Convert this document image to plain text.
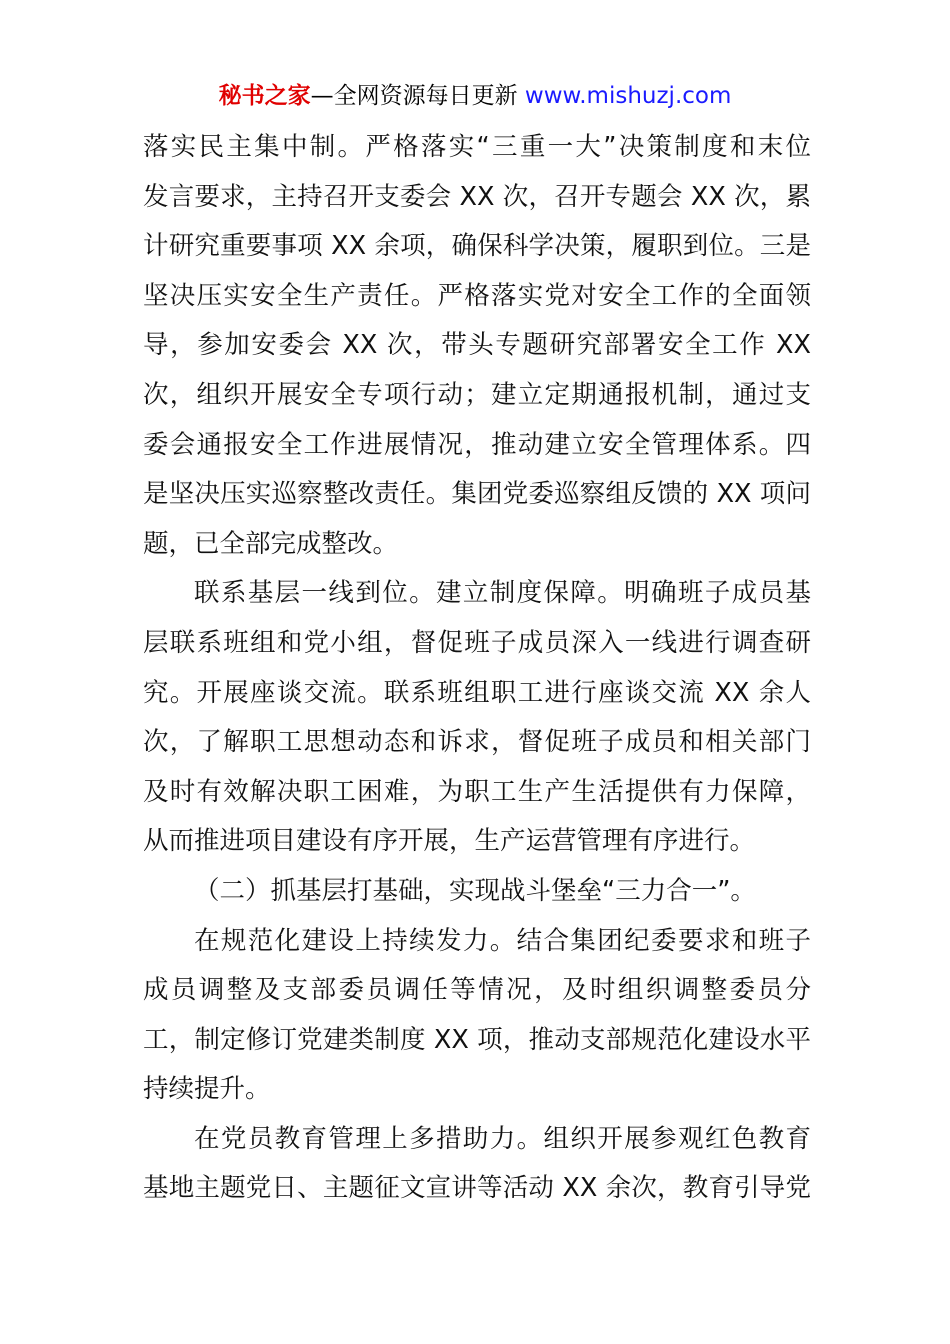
秘书之家—全网资源每日更新 www.mishuzj.com
落实民主集中制。严格落实“三重一大”决策制度和末位
发言要求，主持召开支委会 XX 次，召开专题会 XX 次，累
计研究重要事项 XX 余项，确保科学决策，履职到位。三是
坚决压实安全生产责任。严格落实党对安全工作的全面领
导，参加安委会 XX 次，带头专题研究部署安全工作 XX
次，组织开展安全专项行动；建立定期通报机制，通过支
委会通报安全工作进展情况，推动建立安全管理体系。四
是坚决压实巡察整改责任。集团党委巡察组反馈的 XX 项问
题，已全部完成整改。
联系基层一线到位。建立制度保障。明确班子成员基
层联系班组和党小组，督促班子成员深入一线进行调查研
究。开展座谈交流。联系班组职工进行座谈交流 XX 余人
次，了解职工思想动态和诉求，督促班子成员和相关部门
及时有效解决职工困难，为职工生产生活提供有力保障，
从而推进项目建设有序开展，生产运营管理有序进行。
（二）抓基层打基础，实现战斗堡垒“三力合一”。
在规范化建设上持续发力。结合集团纪委要求和班子
成员调整及支部委员调任等情况，及时组织调整委员分
工，制定修订党建类制度 XX 项，推动支部规范化建设水平
持续提升。
在党员教育管理上多措助力。组织开展参观红色教育
基地主题党日、主题征文宣讲等活动 XX 余次，教育引导党
